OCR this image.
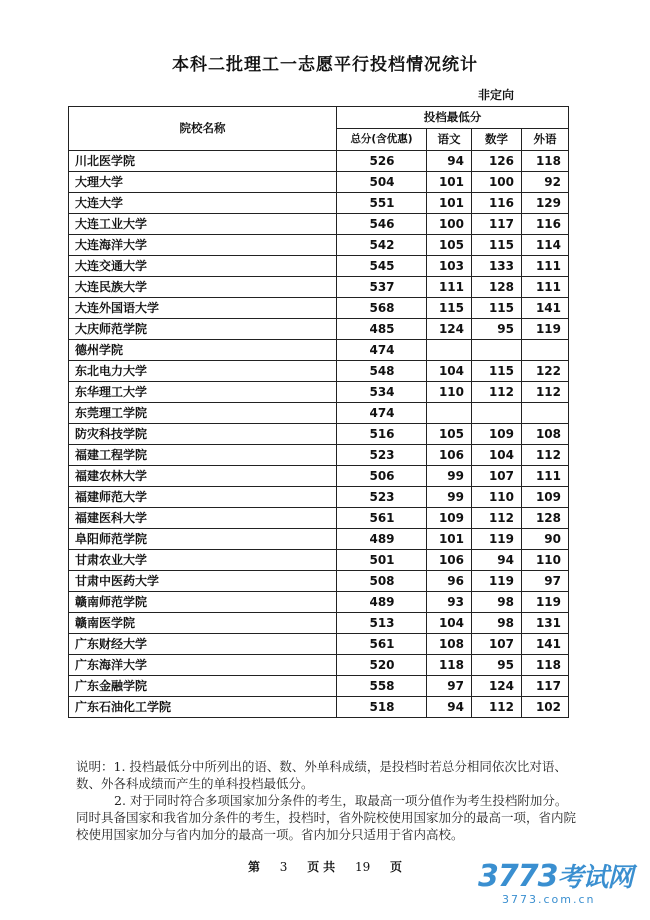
本科二批理工一志愿平行投档情况统计
非定向
院校名称	投档最低分			
	总分(含优惠)	语文	数学	外语
川北医学院	526	94	126	118
大理大学	504	101	100	92
大连大学	551	101	116	129
大连工业大学	546	100	117	116
大连海洋大学	542	105	115	114
大连交通大学	545	103	133	111
大连民族大学	537	111	128	111
大连外国语大学	568	115	115	141
大庆师范学院	485	124	95	119
德州学院	474			
东北电力大学	548	104	115	122
东华理工大学	534	110	112	112
东莞理工学院	474			
防灾科技学院	516	105	109	108
福建工程学院	523	106	104	112
福建农林大学	506	99	107	111
福建师范大学	523	99	110	109
福建医科大学	561	109	112	128
阜阳师范学院	489	101	119	90
甘肃农业大学	501	106	94	110
甘肃中医药大学	508	96	119	97
赣南师范学院	489	93	98	119
赣南医学院	513	104	98	131
广东财经大学	561	108	107	141
广东海洋大学	520	118	95	118
广东金融学院	558	97	124	117
广东石油化工学院	518	94	112	102

说明：1. 投档最低分中所列出的语、数、外单科成绩，是投档时若总分相同依次比对语、数、外各科成绩而产生的单科投档最低分。

2. 对于同时符合多项国家加分条件的考生，取最高一项分值作为考生投档附加分。同时具备国家和我省加分条件的考生，投档时，省外院校使用国家加分的最高一项，省内院校使用国家加分与省内加分的最高一项。省内加分只适用于省内高校。

第 3 页 共 19 页	3773考试网
3773.com.cn
